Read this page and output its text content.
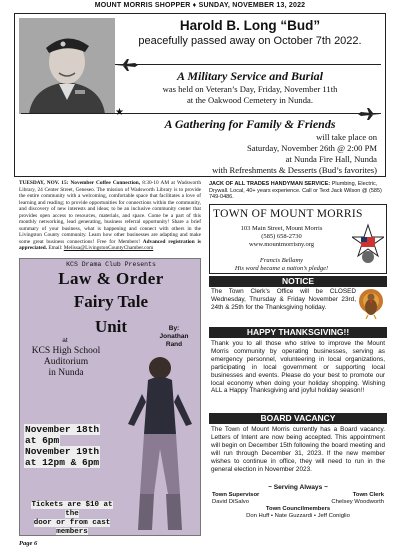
MOUNT MORRIS SHOPPER ♦ SUNDAY, NOVEMBER 13, 2022
Harold B. Long “Bud”
peacefully passed away on October 7th 2022.
A Military Service and Burial
was held on Veteran’s Day, Friday, November 11th
at the Oakwood Cemetery in Nunda.
★
A Gathering for Family & Friends
will take place on
Saturday, November 26th @ 2:00 PM
at Nunda Fire Hall, Nunda
with Refreshments & Desserts (Bud’s favorites)
TUESDAY, NOV. 15: November Coffee Connection, 8:30-10 AM at Wadsworth Library, 24 Center Street, Geneseo. The mission of Wadsworth Library is to provide the entire community with a welcoming, comfortable space that facilitates a love of learning and reading; to provide opportunities for connections within the community, and discovery of new interests and ideas; to be an inclusive community center that provides open access to resources, materials, and space. Come be a part of this monthly networking, lead generating, business referral opportunity! Share a brief summary of your business, what is happening and connect with others in the Livingston County community. Learn how other businesses are adapting and make some great business connections! Free for Members! Advanced registration is appreciated. Email: Melissa@LivingstonCountyChamber.com
KCS Drama Club Presents
Law & Order
Fairy Tale
Unit	By:
Jonathan
Rand
at
KCS High School
Auditorium
in Nunda
November 18th
at 6pm
November 19th
at 12pm & 6pm
Tickets are $10 at the
door or from cast
members
Page 6
JACK OF ALL TRADES HANDYMAN SERVICE: Plumbing, Electric, Drywall. Local, 40+ years experience. Call or Text Jack Wilson @ (585) 749-0486.
TOWN OF MOUNT MORRIS
103 Main Street, Mount Morris
(585) 658-2730
www.mountmorrisny.org
Francis Bellamy
His word became a nation’s pledge!
NOTICE
The Town Clerk’s Office will be CLOSED Wednesday, Thursday & Friday November 23rd, 24th & 25th for the Thanksgiving holiday.
HAPPY THANKSGIVING!!
Thank you to all those who strive to improve the Mount Morris community by operating businesses, serving as emergency personnel, volunteering in local organizations, participating in local government or supporting local businesses and events. Please do your best to promote our local economy when doing your holiday shopping. Wishing ALL a Happy Thanksgiving and joyful holiday season!!
BOARD VACANCY
The Town of Mount Morris currently has a Board vacancy. Letters of Intent are now being accepted. This appointment will begin on December 15th following the board meeting and will run through December 31, 2023. If the new member wishes to continue in office, they will need to run in the general election in November 2023.
~ Serving Always ~
Town Supervisor	Town Clerk
David DiSalvo	Chelsey Woodworth
Town Councilmembers
Don Huff • Nate Guzzardi • Jeff Coniglio
